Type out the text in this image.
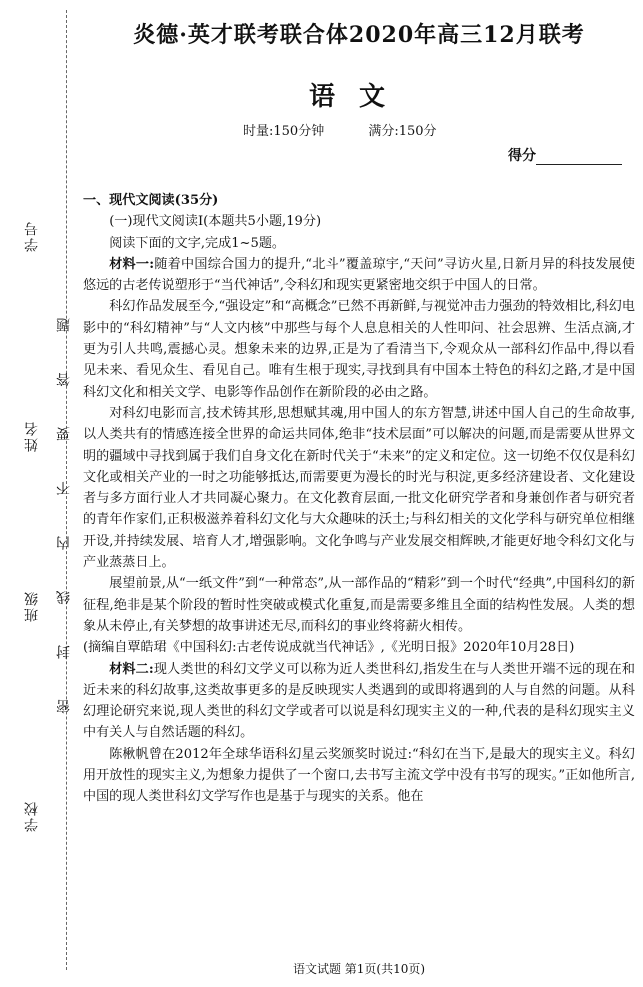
学号
姓名
班级
学校
密 封 线 内 不 要 答 题
炎德·英才联考联合体2020年高三12月联考
语文
时量:150分钟	满分:150分
得分

一、现代文阅读(35分)

(一)现代文阅读Ⅰ(本题共5小题,19分)

阅读下面的文字,完成1~5题。

材料一:随着中国综合国力的提升,“北斗”覆盖琼宇,“天问”寻访火星,日新月异的科技发展使悠远的古老传说塑形于“当代神话”,令科幻和现实更紧密地交织于中国人的日常。

科幻作品发展至今,“强设定”和“高概念”已然不再新鲜,与视觉冲击力强劲的特效相比,科幻电影中的“科幻精神”与“人文内核”中那些与每个人息息相关的人性叩问、社会思辨、生活点滴,才更为引人共鸣,震撼心灵。想象未来的边界,正是为了看清当下,令观众从一部科幻作品中,得以看见未来、看见众生、看见自己。唯有生根于现实,寻找到具有中国本土特色的科幻之路,才是中国科幻文化和相关文学、电影等作品创作在新阶段的必由之路。

对科幻电影而言,技术铸其形,思想赋其魂,用中国人的东方智慧,讲述中国人自己的生命故事,以人类共有的情感连接全世界的命运共同体,绝非“技术层面”可以解决的问题,而是需要从世界文明的疆域中寻找到属于我们自身文化在新时代关于“未来”的定义和定位。这一切绝不仅仅是科幻文化或相关产业的一时之功能够抵达,而需要更为漫长的时光与积淀,更多经济建设者、文化建设者与多方面行业人才共同凝心聚力。在文化教育层面,一批文化研究学者和身兼创作者与研究者的青年作家们,正积极滋养着科幻文化与大众趣味的沃土;与科幻相关的文化学科与研究单位相继开设,并持续发展、培育人才,增强影响。文化争鸣与产业发展交相辉映,才能更好地令科幻文化与产业蒸蒸日上。

展望前景,从“一纸文件”到“一种常态”,从一部作品的“精彩”到一个时代“经典”,中国科幻的新征程,绝非是某个阶段的暂时性突破或模式化重复,而是需要多维且全面的结构性发展。人类的想象从未停止,有关梦想的故事讲述无尽,而科幻的事业终将薪火相传。

(摘编自覃皓珺《中国科幻:古老传说成就当代神话》,《光明日报》2020年10月28日)

材料二:现人类世的科幻文学义可以称为近人类世科幻,指发生在与人类世开端不远的现在和近未来的科幻故事,这类故事更多的是反映现实人类遇到的或即将遇到的人与自然的问题。从科幻理论研究来说,现人类世的科幻文学或者可以说是科幻现实主义的一种,代表的是科幻现实主义中有关人与自然话题的科幻。

陈楸帆曾在2012年全球华语科幻星云奖颁奖时说过:“科幻在当下,是最大的现实主义。科幻用开放性的现实主义,为想象力提供了一个窗口,去书写主流文学中没有书写的现实。”正如他所言,中国的现人类世科幻文学写作也是基于与现实的关系。他在

语文试题 第1页(共10页)
